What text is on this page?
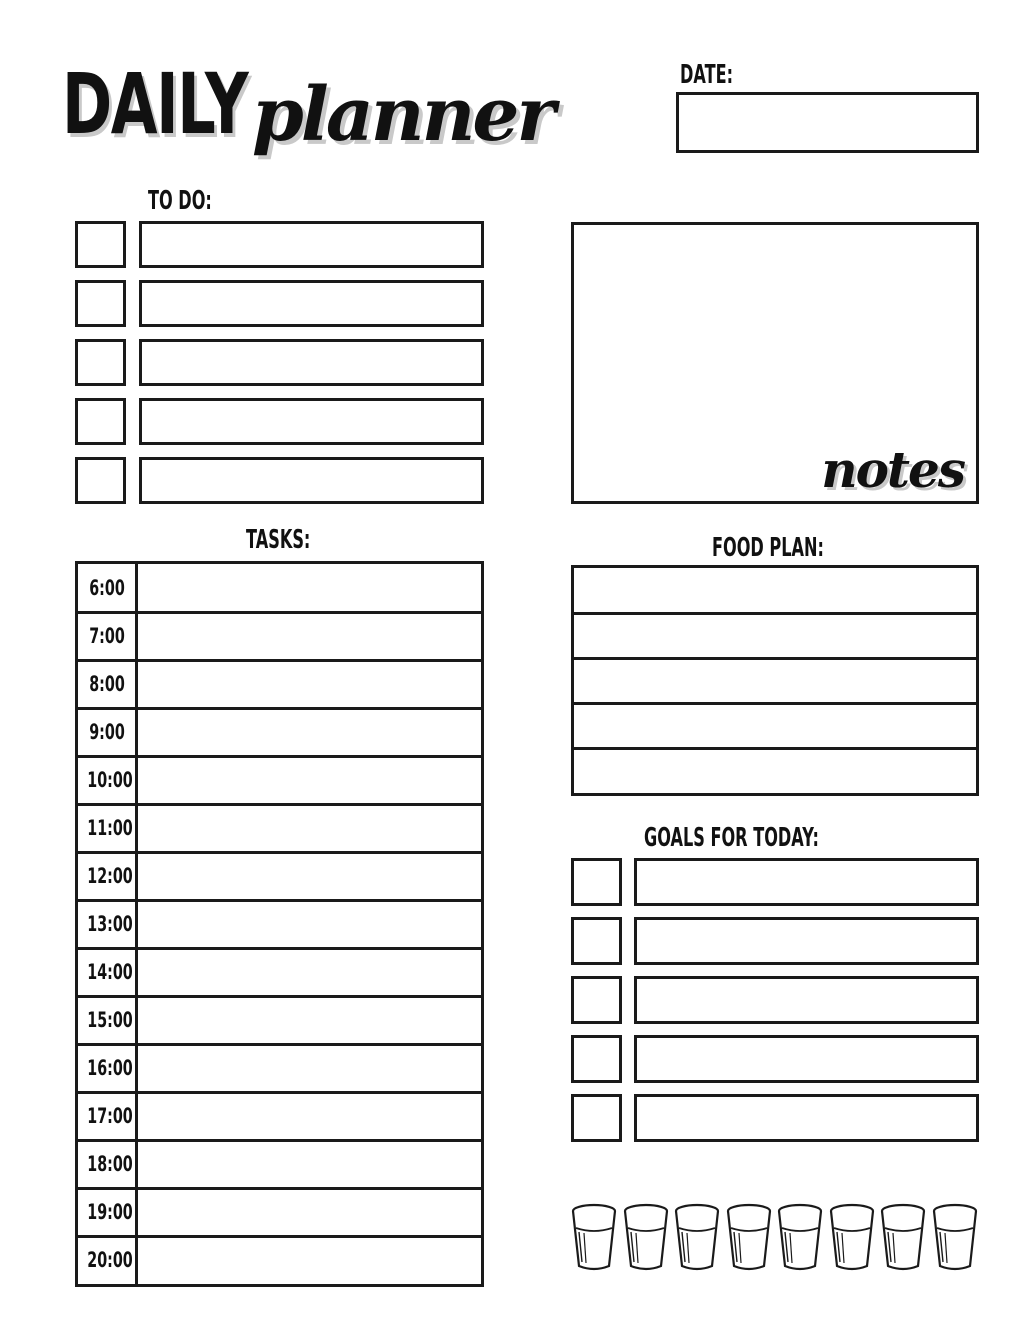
DAILY planner	DATE:
TO DO:
notes
TASKS:
6:00
7:00
8:00
9:00
10:00
11:00
12:00
13:00
14:00
15:00
16:00
17:00
18:00
19:00
20:00
FOOD PLAN:
GOALS FOR TODAY:
